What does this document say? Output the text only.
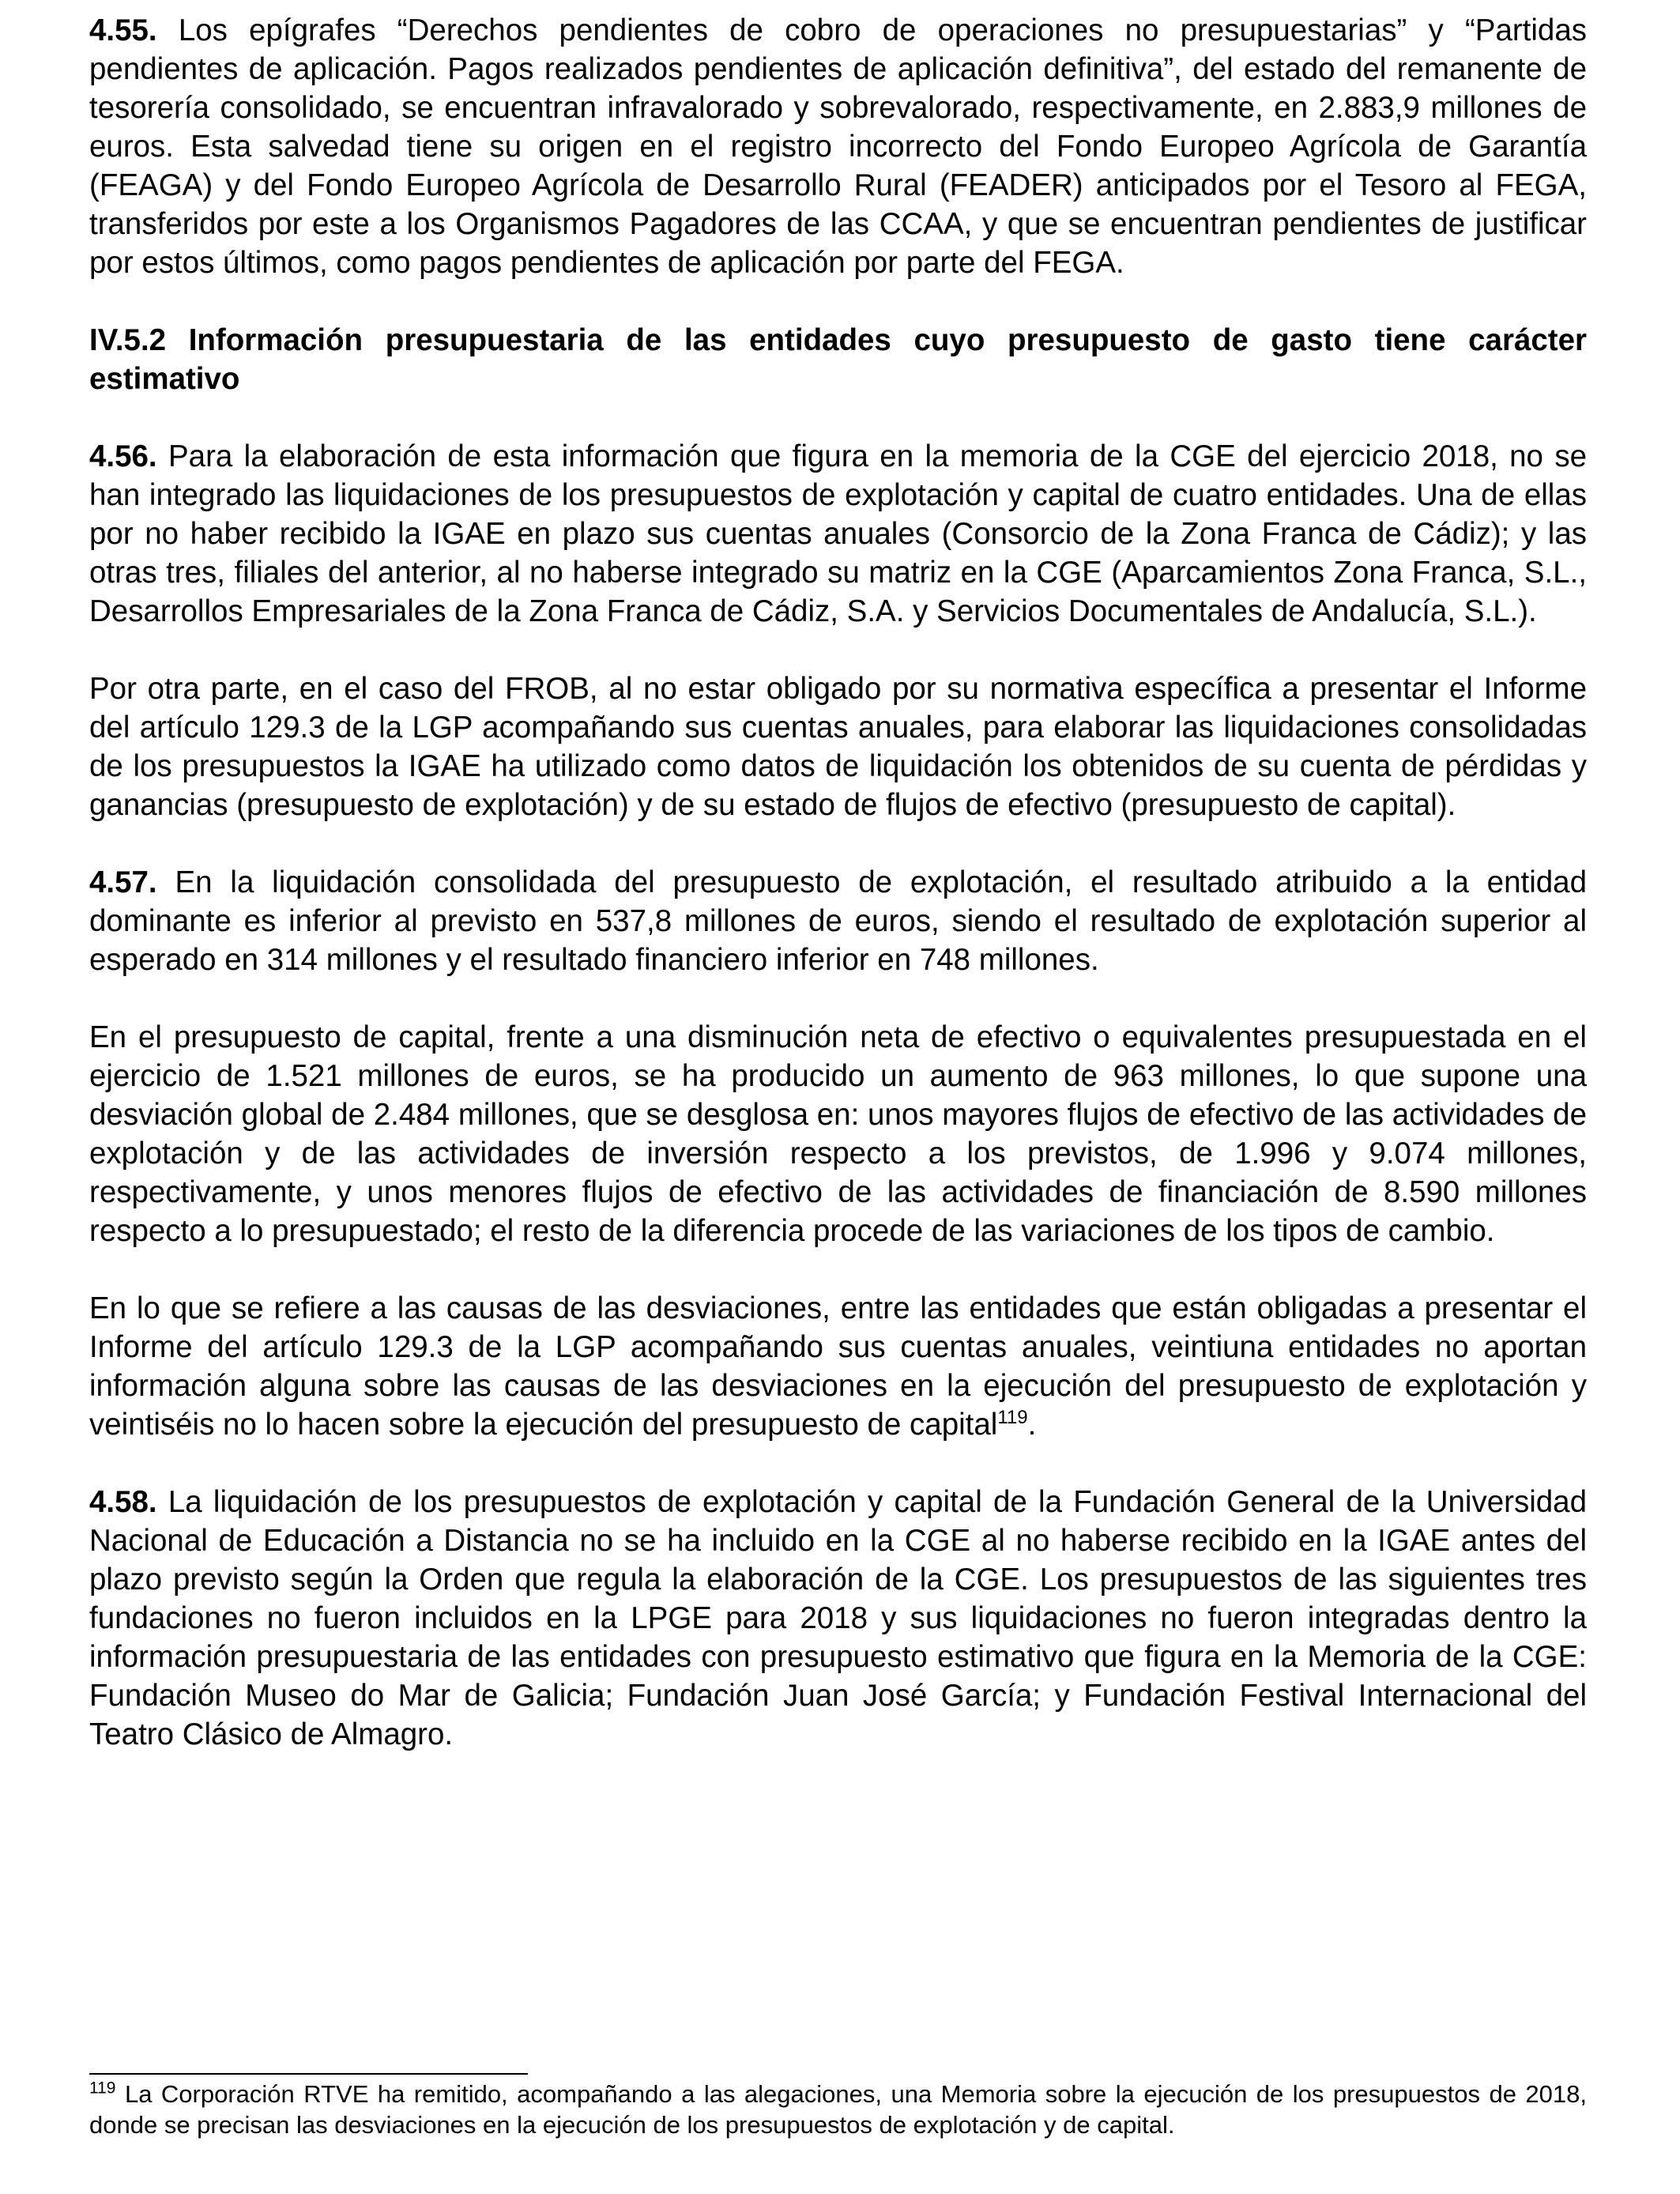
4.55. Los epígrafes “Derechos pendientes de cobro de operaciones no presupuestarias” y “Partidas pendientes de aplicación. Pagos realizados pendientes de aplicación definitiva”, del estado del remanente de tesorería consolidado, se encuentran infravalorado y sobrevalorado, respectivamente, en 2.883,9 millones de euros. Esta salvedad tiene su origen en el registro incorrecto del Fondo Europeo Agrícola de Garantía (FEAGA) y del Fondo Europeo Agrícola de Desarrollo Rural (FEADER) anticipados por el Tesoro al FEGA, transferidos por este a los Organismos Pagadores de las CCAA, y que se encuentran pendientes de justificar por estos últimos, como pagos pendientes de aplicación por parte del FEGA.

IV.5.2 Información presupuestaria de las entidades cuyo presupuesto de gasto tiene carácter estimativo

4.56. Para la elaboración de esta información que figura en la memoria de la CGE del ejercicio 2018, no se han integrado las liquidaciones de los presupuestos de explotación y capital de cuatro entidades. Una de ellas por no haber recibido la IGAE en plazo sus cuentas anuales (Consorcio de la Zona Franca de Cádiz); y las otras tres, filiales del anterior, al no haberse integrado su matriz en la CGE (Aparcamientos Zona Franca, S.L., Desarrollos Empresariales de la Zona Franca de Cádiz, S.A. y Servicios Documentales de Andalucía, S.L.).

Por otra parte, en el caso del FROB, al no estar obligado por su normativa específica a presentar el Informe del artículo 129.3 de la LGP acompañando sus cuentas anuales, para elaborar las liquidaciones consolidadas de los presupuestos la IGAE ha utilizado como datos de liquidación los obtenidos de su cuenta de pérdidas y ganancias (presupuesto de explotación) y de su estado de flujos de efectivo (presupuesto de capital).

4.57. En la liquidación consolidada del presupuesto de explotación, el resultado atribuido a la entidad dominante es inferior al previsto en 537,8 millones de euros, siendo el resultado de explotación superior al esperado en 314 millones y el resultado financiero inferior en 748 millones.

En el presupuesto de capital, frente a una disminución neta de efectivo o equivalentes presupuestada en el ejercicio de 1.521 millones de euros, se ha producido un aumento de 963 millones, lo que supone una desviación global de 2.484 millones, que se desglosa en: unos mayores flujos de efectivo de las actividades de explotación y de las actividades de inversión respecto a los previstos, de 1.996 y 9.074 millones, respectivamente, y unos menores flujos de efectivo de las actividades de financiación de 8.590 millones respecto a lo presupuestado; el resto de la diferencia procede de las variaciones de los tipos de cambio.

En lo que se refiere a las causas de las desviaciones, entre las entidades que están obligadas a presentar el Informe del artículo 129.3 de la LGP acompañando sus cuentas anuales, veintiuna entidades no aportan información alguna sobre las causas de las desviaciones en la ejecución del presupuesto de explotación y veintiséis no lo hacen sobre la ejecución del presupuesto de capital$^{119}$.

4.58. La liquidación de los presupuestos de explotación y capital de la Fundación General de la Universidad Nacional de Educación a Distancia no se ha incluido en la CGE al no haberse recibido en la IGAE antes del plazo previsto según la Orden que regula la elaboración de la CGE. Los presupuestos de las siguientes tres fundaciones no fueron incluidos en la LPGE para 2018 y sus liquidaciones no fueron integradas dentro la información presupuestaria de las entidades con presupuesto estimativo que figura en la Memoria de la CGE: Fundación Museo do Mar de Galicia; Fundación Juan José García; y Fundación Festival Internacional del Teatro Clásico de Almagro.

$^{119}$ La Corporación RTVE ha remitido, acompañando a las alegaciones, una Memoria sobre la ejecución de los presupuestos de 2018, donde se precisan las desviaciones en la ejecución de los presupuestos de explotación y de capital.
